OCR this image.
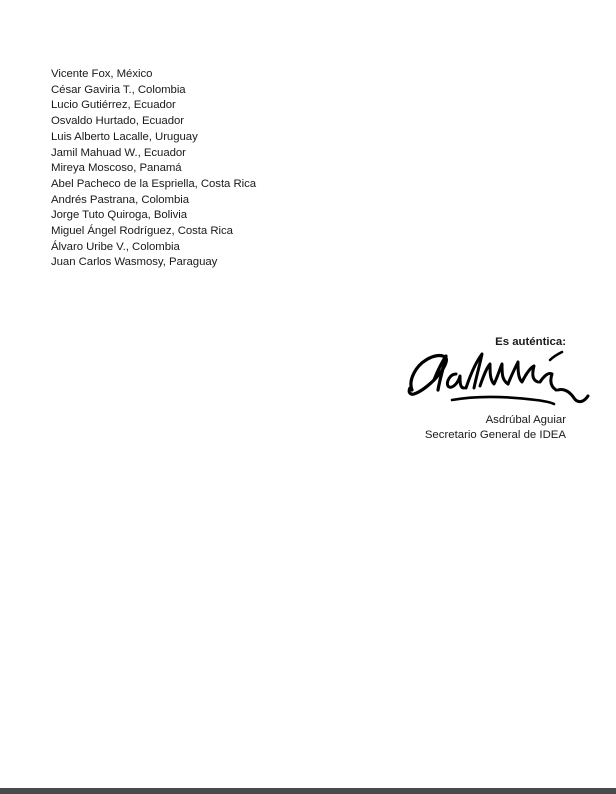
Vicente Fox, México
César Gaviria T., Colombia
Lucio Gutiérrez, Ecuador
Osvaldo Hurtado, Ecuador
Luis Alberto Lacalle, Uruguay
Jamil Mahuad W., Ecuador
Mireya Moscoso, Panamá
Abel Pacheco de la Espriella, Costa Rica
Andrés Pastrana, Colombia
Jorge Tuto Quiroga, Bolivia
Miguel Ángel Rodríguez, Costa Rica
Álvaro Uribe V., Colombia
Juan Carlos Wasmosy, Paraguay
Es auténtica:
Asdrúbal Aguiar
Secretario General de IDEA
